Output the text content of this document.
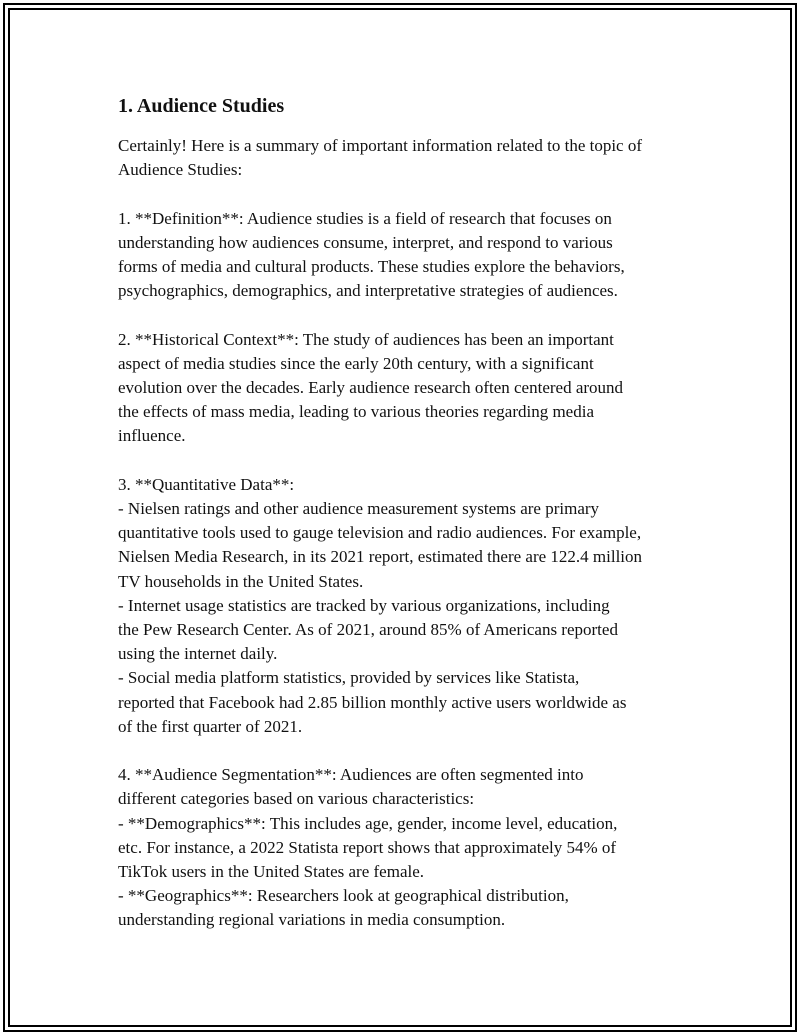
1. Audience Studies

Certainly! Here is a summary of important information related to the topic of
Audience Studies:

1. **Definition**: Audience studies is a field of research that focuses on
understanding how audiences consume, interpret, and respond to various
forms of media and cultural products. These studies explore the behaviors,
psychographics, demographics, and interpretative strategies of audiences.

2. **Historical Context**: The study of audiences has been an important
aspect of media studies since the early 20th century, with a significant
evolution over the decades. Early audience research often centered around
the effects of mass media, leading to various theories regarding media
influence.

3. **Quantitative Data**:

- Nielsen ratings and other audience measurement systems are primary
quantitative tools used to gauge television and radio audiences. For example,
Nielsen Media Research, in its 2021 report, estimated there are 122.4 million
TV households in the United States.

- Internet usage statistics are tracked by various organizations, including
the Pew Research Center. As of 2021, around 85% of Americans reported
using the internet daily.

- Social media platform statistics, provided by services like Statista,
reported that Facebook had 2.85 billion monthly active users worldwide as
of the first quarter of 2021.

4. **Audience Segmentation**: Audiences are often segmented into
different categories based on various characteristics:

- **Demographics**: This includes age, gender, income level, education,
etc. For instance, a 2022 Statista report shows that approximately 54% of
TikTok users in the United States are female.

- **Geographics**: Researchers look at geographical distribution,
understanding regional variations in media consumption.
